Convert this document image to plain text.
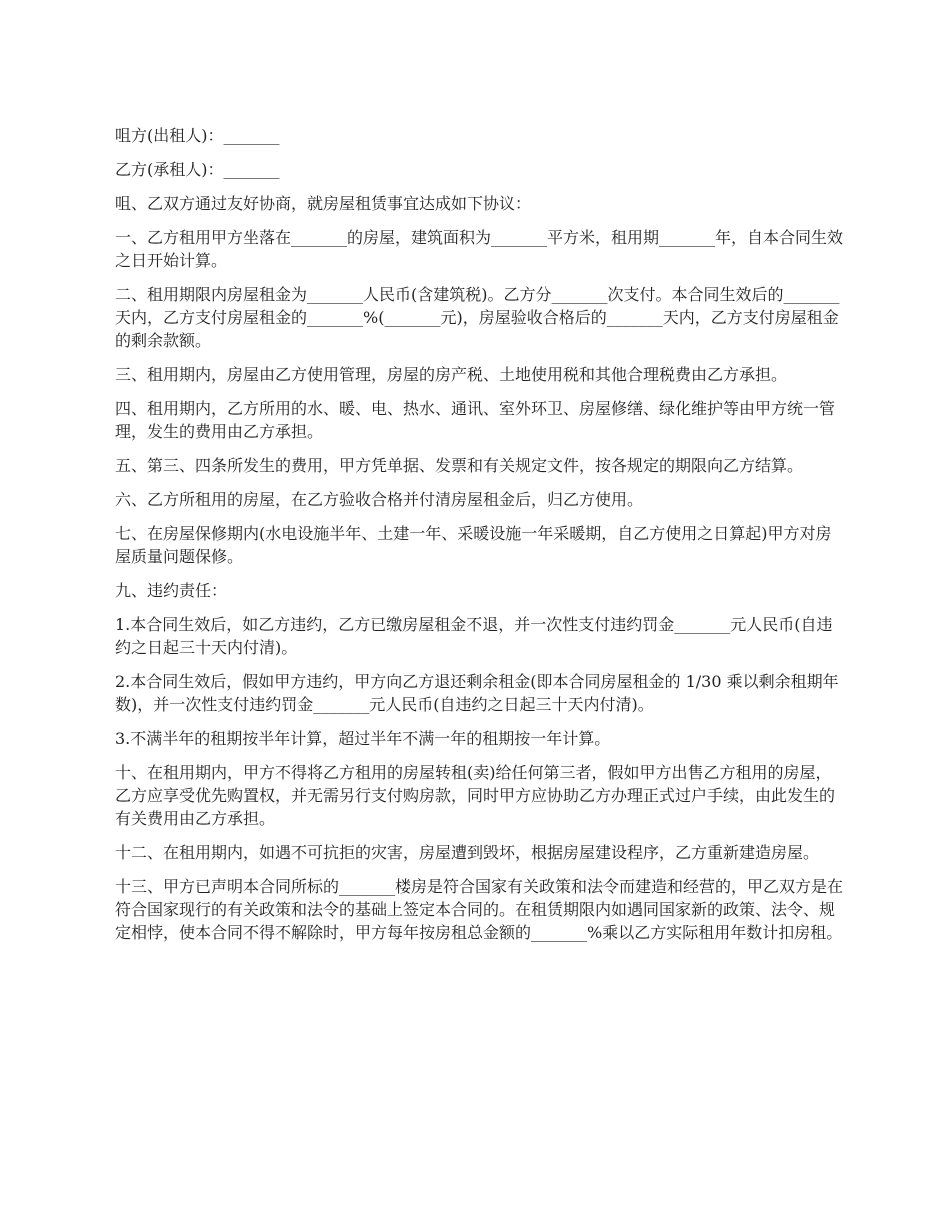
咀方(出租人)：_______

乙方(承租人)：_______

咀、乙双方通过友好协商，就房屋租赁事宜达成如下协议：

一、乙方租用甲方坐落在_______的房屋，建筑面积为_______平方米，租用期_______年，自本合同生效之日开始计算。

二、租用期限内房屋租金为_______人民币(含建筑税)。乙方分_______次支付。本合同生效后的_______天内，乙方支付房屋租金的_______%(_______元)，房屋验收合格后的_______天内，乙方支付房屋租金的剩余款额。

三、租用期内，房屋由乙方使用管理，房屋的房产税、土地使用税和其他合理税费由乙方承担。

四、租用期内，乙方所用的水、暖、电、热水、通讯、室外环卫、房屋修缮、绿化维护等由甲方统一管理，发生的费用由乙方承担。

五、第三、四条所发生的费用，甲方凭单据、发票和有关规定文件，按各规定的期限向乙方结算。

六、乙方所租用的房屋，在乙方验收合格并付清房屋租金后，归乙方使用。

七、在房屋保修期内(水电设施半年、土建一年、采暖设施一年采暖期，自乙方使用之日算起)甲方对房屋质量问题保修。

九、违约责任：

1.本合同生效后，如乙方违约，乙方已缴房屋租金不退，并一次性支付违约罚金_______元人民币(自违约之日起三十天内付清)。

2.本合同生效后，假如甲方违约，甲方向乙方退还剩余租金(即本合同房屋租金的 1/30 乘以剩余租期年数)，并一次性支付违约罚金_______元人民币(自违约之日起三十天内付清)。

3.不满半年的租期按半年计算，超过半年不满一年的租期按一年计算。

十、在租用期内，甲方不得将乙方租用的房屋转租(卖)给任何第三者，假如甲方出售乙方租用的房屋，乙方应享受优先购置权，并无需另行支付购房款，同时甲方应协助乙方办理正式过户手续，由此发生的有关费用由乙方承担。

十二、在租用期内，如遇不可抗拒的灾害，房屋遭到毁坏，根据房屋建设程序，乙方重新建造房屋。

十三、甲方已声明本合同所标的_______楼房是符合国家有关政策和法令而建造和经营的，甲乙双方是在符合国家现行的有关政策和法令的基础上签定本合同的。在租赁期限内如遇同国家新的政策、法令、规定相悖，使本合同不得不解除时，甲方每年按房租总金额的_______%乘以乙方实际租用年数计扣房租。
